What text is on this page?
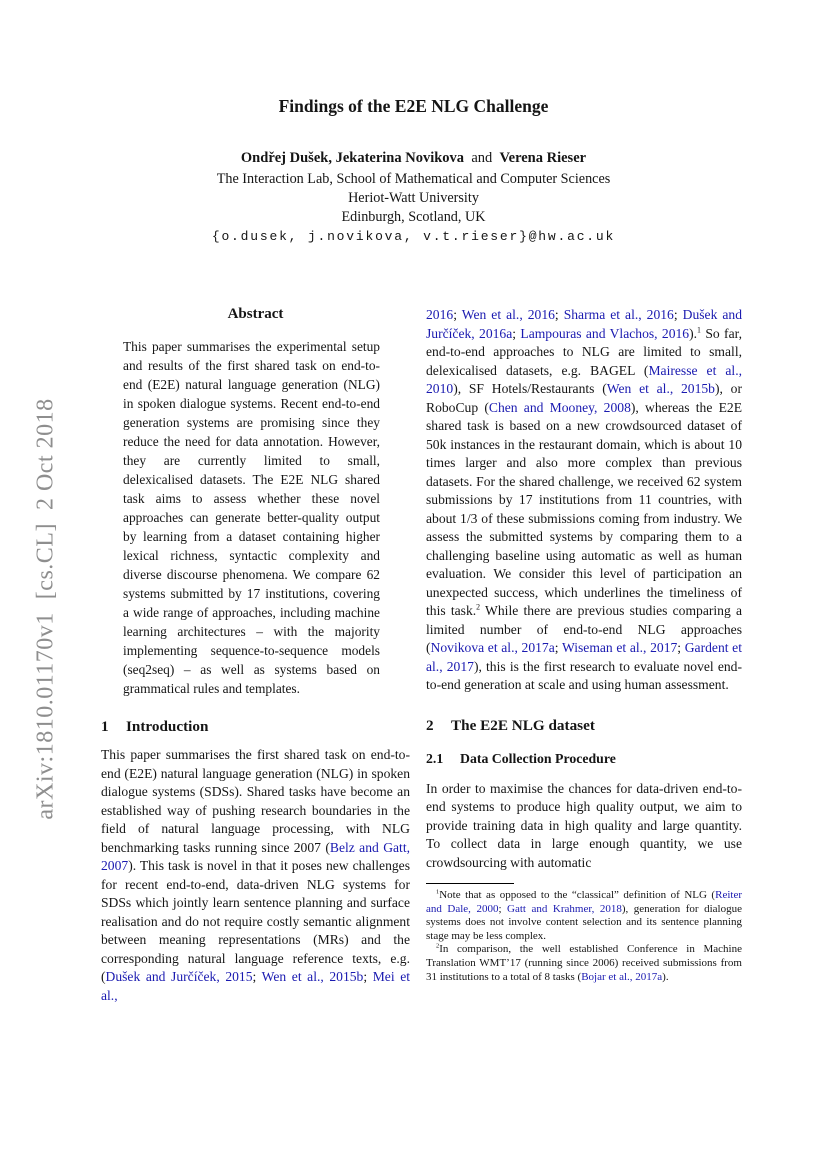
arXiv:1810.01170v1  [cs.CL]  2 Oct 2018
Findings of the E2E NLG Challenge
Ondřej Dušek, Jekaterina Novikova and Verena Rieser
The Interaction Lab, School of Mathematical and Computer Sciences
Heriot-Watt University
Edinburgh, Scotland, UK
{o.dusek, j.novikova, v.t.rieser}@hw.ac.uk
Abstract
This paper summarises the experimental setup and results of the first shared task on end-to-end (E2E) natural language generation (NLG) in spoken dialogue systems. Recent end-to-end generation systems are promising since they reduce the need for data annotation. However, they are currently limited to small, delexicalised datasets. The E2E NLG shared task aims to assess whether these novel approaches can generate better-quality output by learning from a dataset containing higher lexical richness, syntactic complexity and diverse discourse phenomena. We compare 62 systems submitted by 17 institutions, covering a wide range of approaches, including machine learning architectures – with the majority implementing sequence-to-sequence models (seq2seq) – as well as systems based on grammatical rules and templates.
1 Introduction
This paper summarises the first shared task on end-to-end (E2E) natural language generation (NLG) in spoken dialogue systems (SDSs). Shared tasks have become an established way of pushing research boundaries in the field of natural language processing, with NLG benchmarking tasks running since 2007 (Belz and Gatt, 2007). This task is novel in that it poses new challenges for recent end-to-end, data-driven NLG systems for SDSs which jointly learn sentence planning and surface realisation and do not require costly semantic alignment between meaning representations (MRs) and the corresponding natural language reference texts, e.g. (Dušek and Jurčíček, 2015; Wen et al., 2015b; Mei et al.,
2016; Wen et al., 2016; Sharma et al., 2016; Dušek and Jurčíček, 2016a; Lampouras and Vlachos, 2016).$^1$ So far, end-to-end approaches to NLG are limited to small, delexicalised datasets, e.g. BAGEL (Mairesse et al., 2010), SF Hotels/Restaurants (Wen et al., 2015b), or RoboCup (Chen and Mooney, 2008), whereas the E2E shared task is based on a new crowdsourced dataset of 50k instances in the restaurant domain, which is about 10 times larger and also more complex than previous datasets. For the shared challenge, we received 62 system submissions by 17 institutions from 11 countries, with about 1/3 of these submissions coming from industry. We assess the submitted systems by comparing them to a challenging baseline using automatic as well as human evaluation. We consider this level of participation an unexpected success, which underlines the timeliness of this task.$^2$ While there are previous studies comparing a limited number of end-to-end NLG approaches (Novikova et al., 2017a; Wiseman et al., 2017; Gardent et al., 2017), this is the first research to evaluate novel end-to-end generation at scale and using human assessment.
2 The E2E NLG dataset
2.1 Data Collection Procedure
In order to maximise the chances for data-driven end-to-end systems to produce high quality output, we aim to provide training data in high quality and large quantity. To collect data in large enough quantity, we use crowdsourcing with automatic
$^1$Note that as opposed to the “classical” definition of NLG (Reiter and Dale, 2000; Gatt and Krahmer, 2018), generation for dialogue systems does not involve content selection and its sentence planning stage may be less complex.
$^2$In comparison, the well established Conference in Machine Translation WMT’17 (running since 2006) received submissions from 31 institutions to a total of 8 tasks (Bojar et al., 2017a).
